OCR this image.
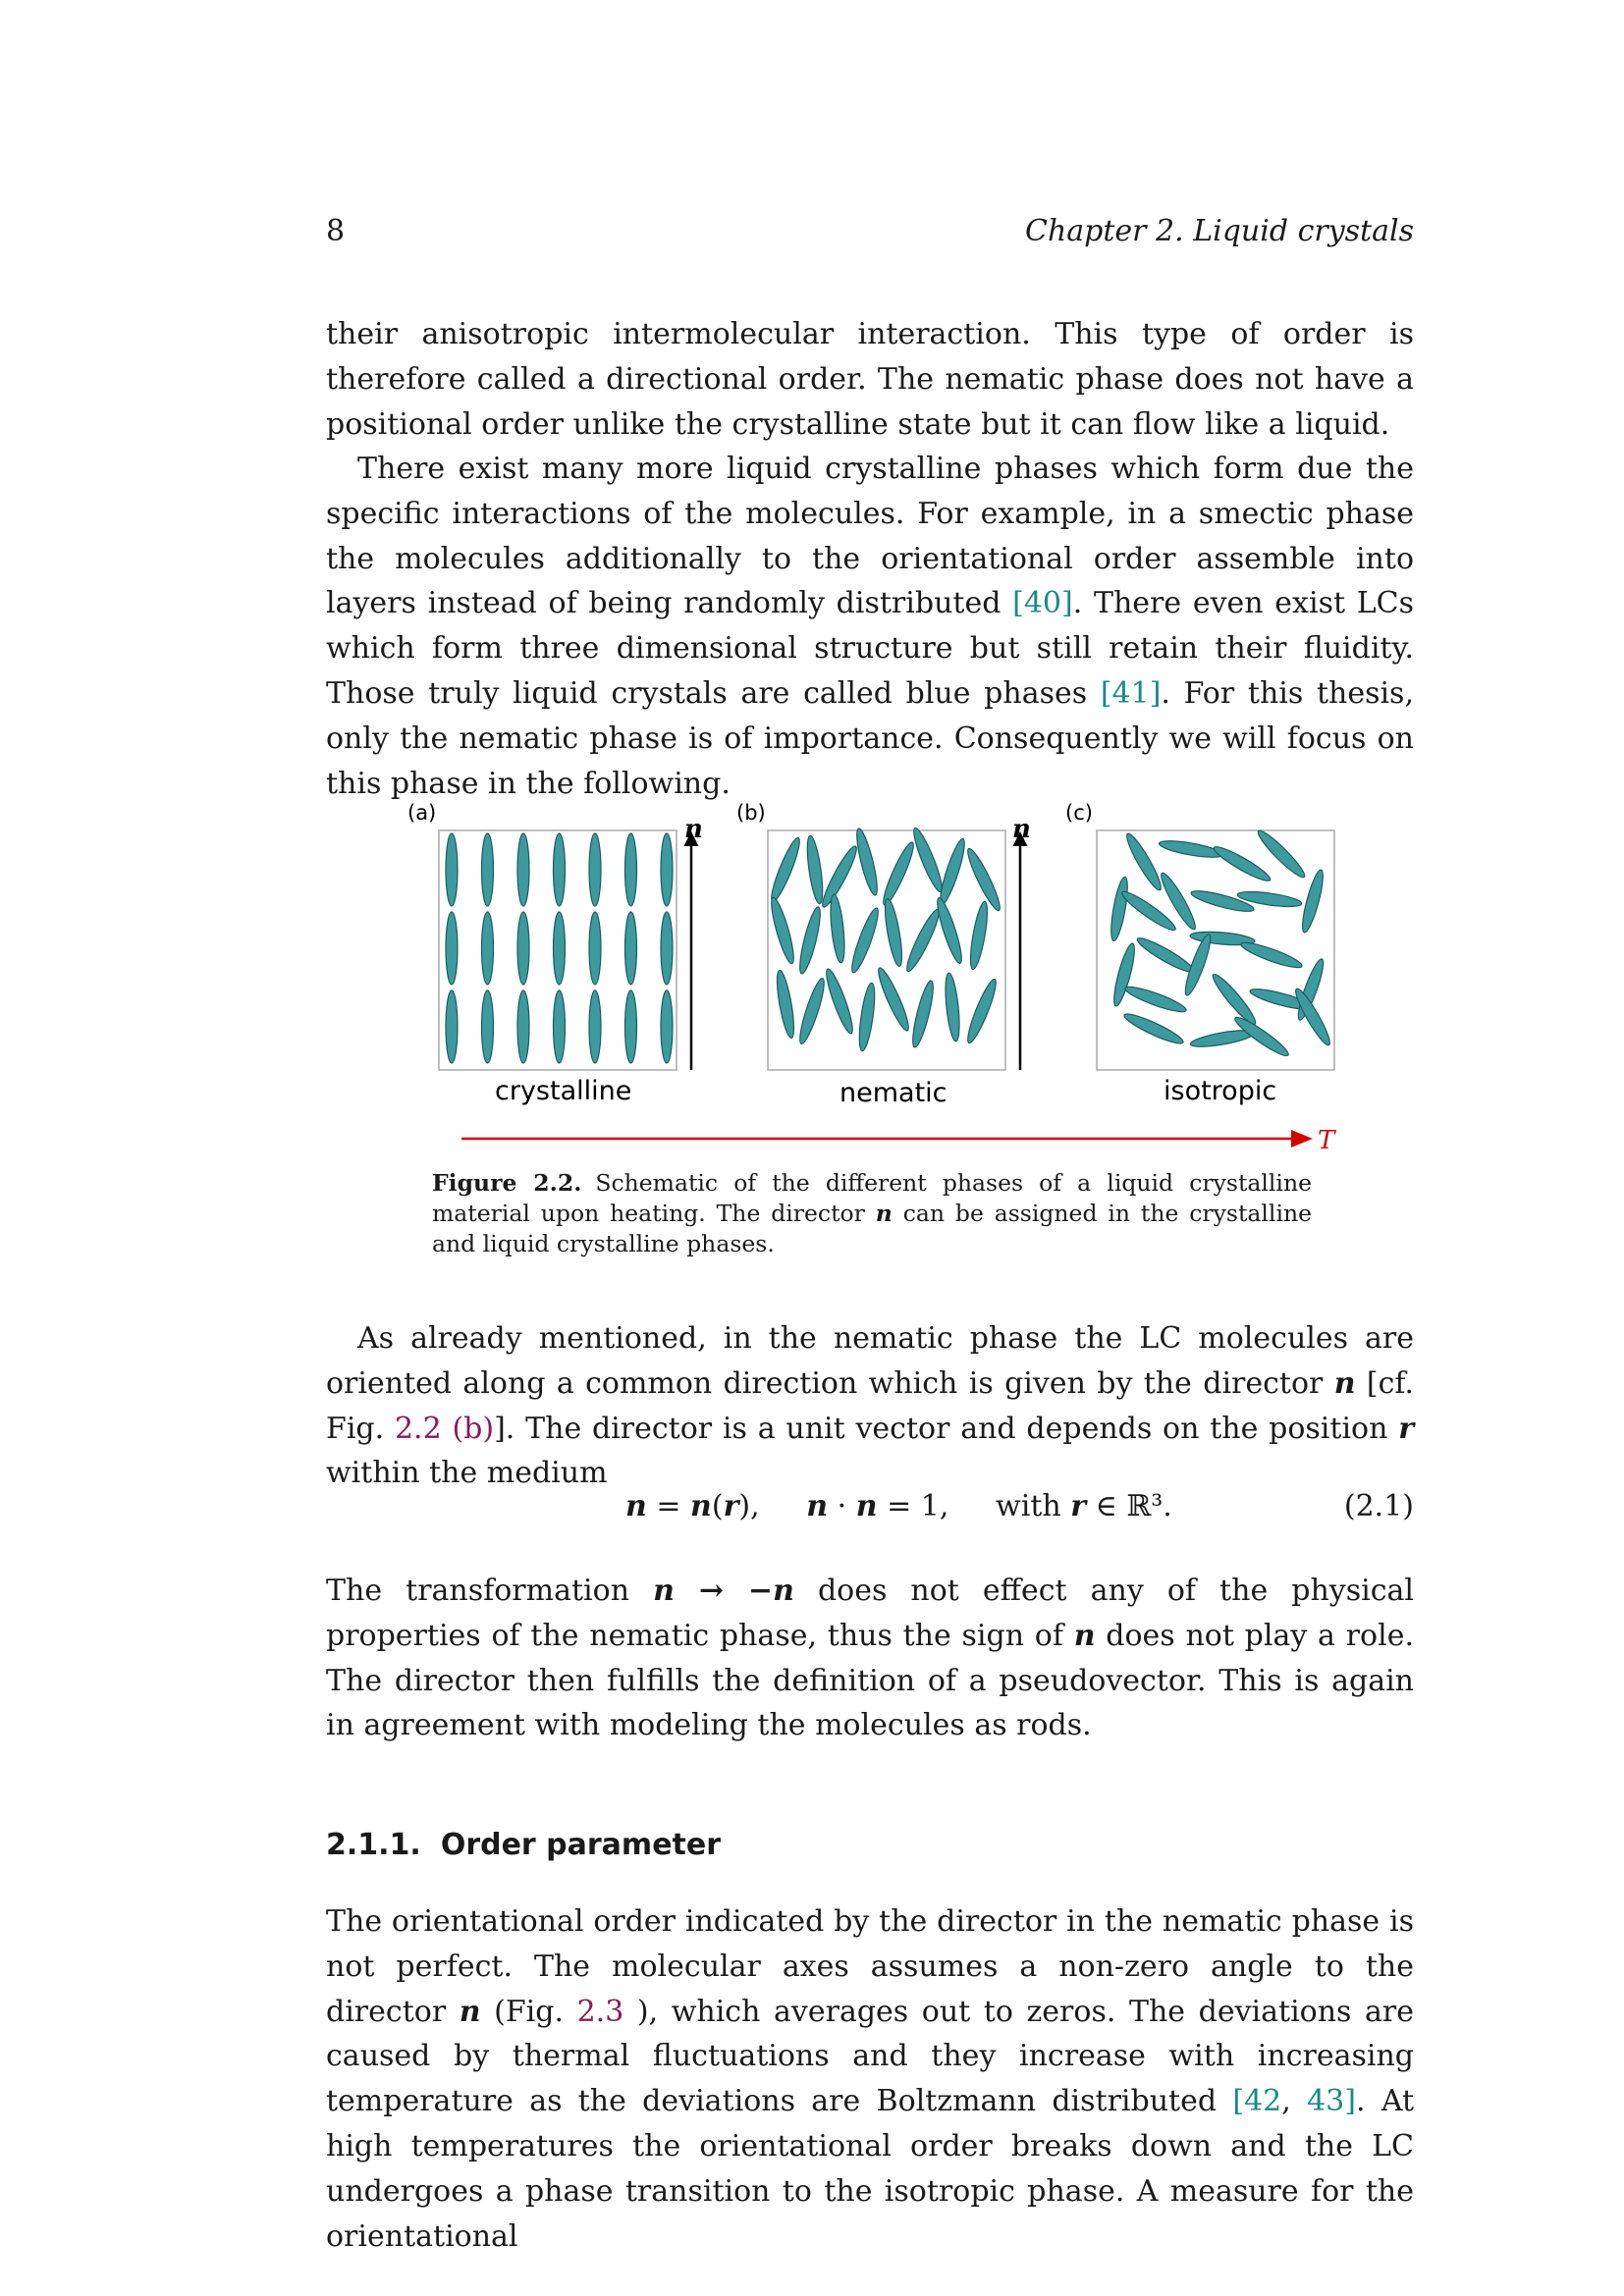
8	Chapter 2. Liquid crystals

their anisotropic intermolecular interaction. This type of order is therefore called a directional order. The nematic phase does not have a positional order unlike the crystalline state but it can flow like a liquid.

There exist many more liquid crystalline phases which form due the specific interactions of the molecules. For example, in a smectic phase the molecules additionally to the orientational order assemble into layers instead of being randomly distributed [40]. There even exist LCs which form three dimensional structure but still retain their fluidity. Those truly liquid crystals are called blue phases [41]. For this thesis, only the nematic phase is of importance. Consequently we will focus on this phase in the following.

(a)
n
crystalline
(b)
n
nematic
(c)
isotropic
T
Figure 2.2. Schematic of the different phases of a liquid crystalline material upon heating. The director n can be assigned in the crystalline and liquid crystalline phases.

As already mentioned, in the nematic phase the LC molecules are oriented along a common direction which is given by the director n [cf. Fig. 2.2 (b)]. The director is a unit vector and depends on the position r within the medium

n = n(r),     n · n = 1,     with r ∈ ℝ³.	(2.1)

The transformation n → −n does not effect any of the physical properties of the nematic phase, thus the sign of n does not play a role. The director then fulfills the definition of a pseudovector. This is again in agreement with modeling the molecules as rods.

2.1.1. Order parameter

The orientational order indicated by the director in the nematic phase is not perfect. The molecular axes assumes a non-zero angle to the director n (Fig. 2.3 ), which averages out to zeros. The deviations are caused by thermal fluctuations and they increase with increasing temperature as the deviations are Boltzmann distributed [42, 43]. At high temperatures the orientational order breaks down and the LC undergoes a phase transition to the isotropic phase. A measure for the orientational
